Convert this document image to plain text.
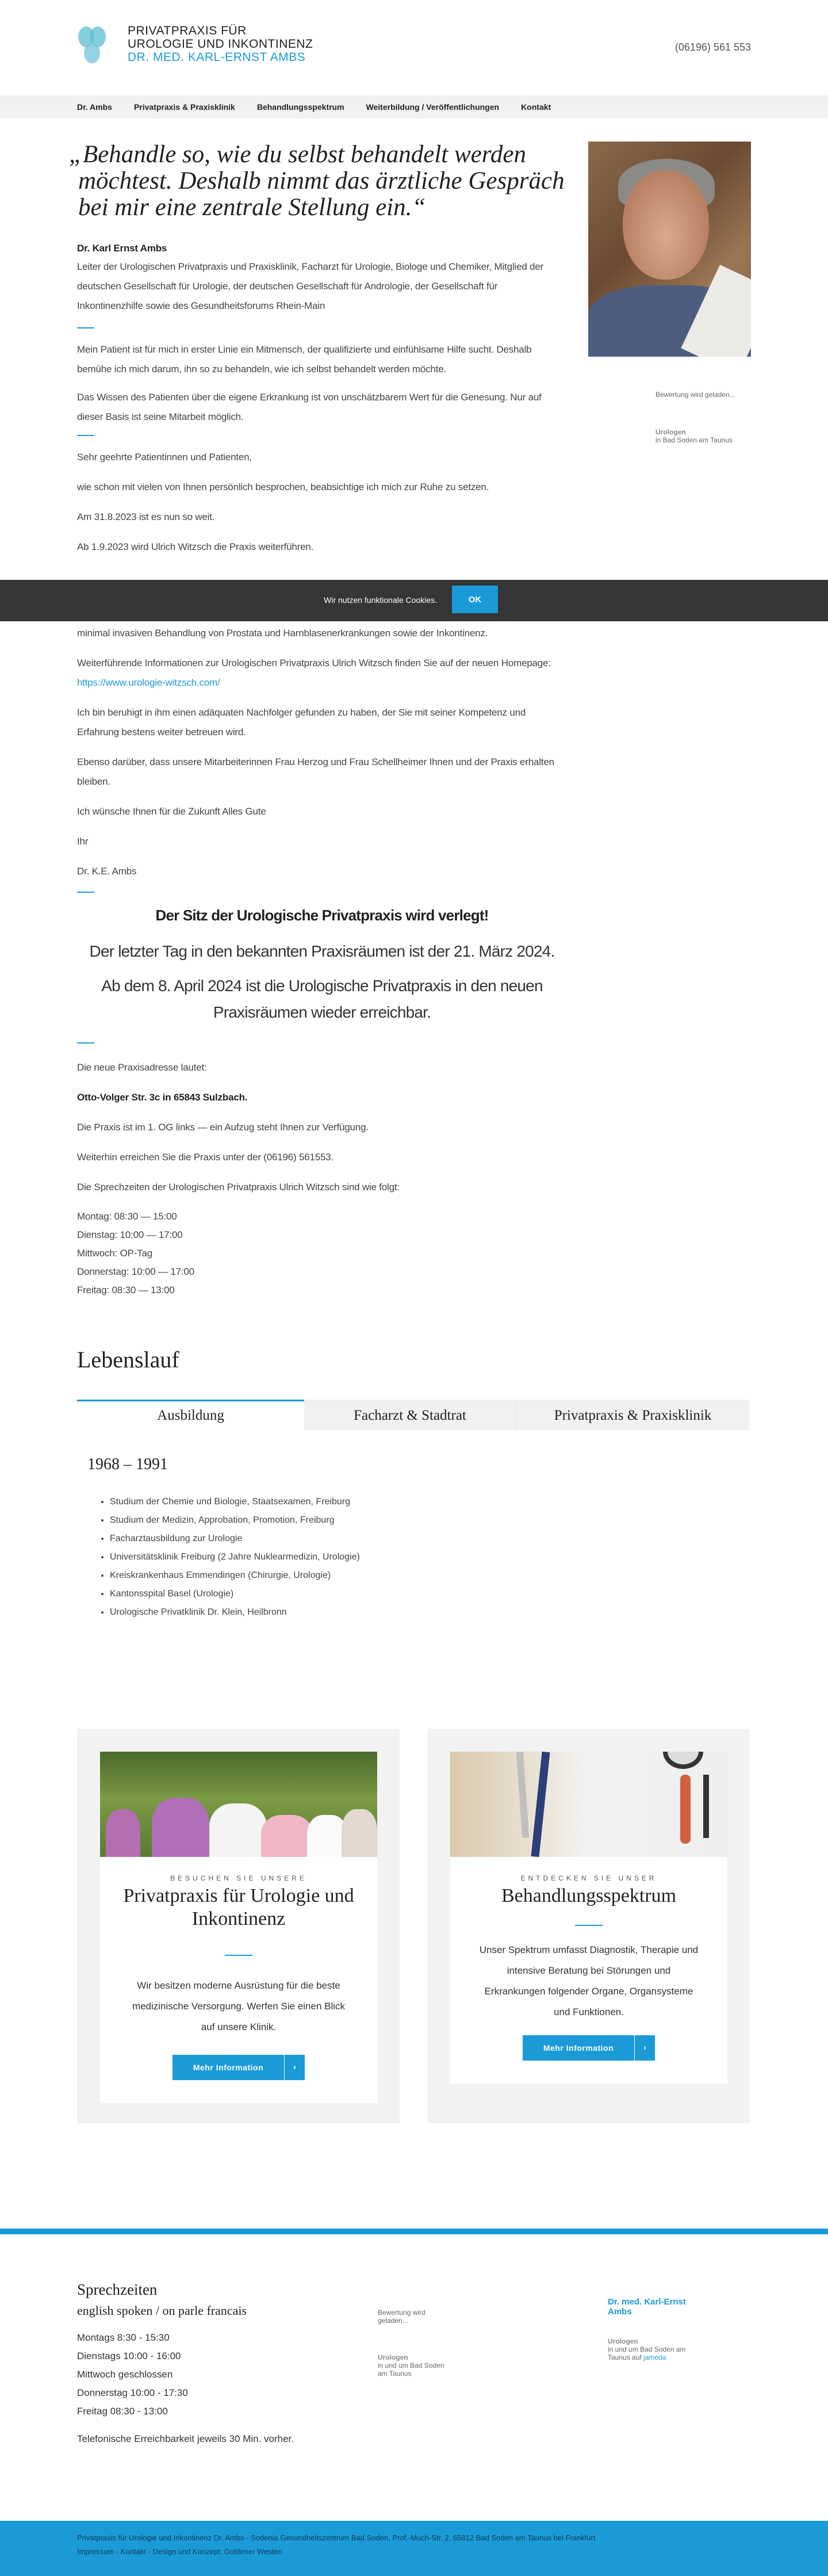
PRIVATPRAXIS FÜR
UROLOGIE UND INKONTINENZ
DR. MED. KARL-ERNST AMBS
(06196) 561 553
Dr. Ambs	Privatpraxis & Praxisklinik	Behandlungsspektrum	Weiterbildung / Veröffentlichungen	Kontakt
„Behandle so, wie du selbst behandelt werden möchtest. Deshalb nimmt das ärztliche Gespräch bei mir eine zentrale Stellung ein.“
Bewertung wird geladen...
Urologen
in Bad Soden am Taunus

Dr. Karl Ernst Ambs

Leiter der Urologischen Privatpraxis und Praxisklinik, Facharzt für Urologie, Biologe und Chemiker, Mitglied der deutschen Gesellschaft für Urologie, der deutschen Gesellschaft für Andrologie, der Gesellschaft für Inkontinenzhilfe sowie des Gesundheitsforums Rhein-Main

Mein Patient ist für mich in erster Linie ein Mitmensch, der qualifizierte und einfühlsame Hilfe sucht. Deshalb bemühe ich mich darum, ihn so zu behandeln, wie ich selbst behandelt werden möchte.

Das Wissen des Patienten über die eigene Erkrankung ist von unschätzbarem Wert für die Genesung. Nur auf dieser Basis ist seine Mitarbeit möglich.

Sehr geehrte Patientinnen und Patienten,

wie schon mit vielen von Ihnen persönlich besprochen, beabsichtige ich mich zur Ruhe zu setzen.

Am 31.8.2023 ist es nun so weit.

Ab 1.9.2023 wird Ulrich Witzsch die Praxis weiterführen.

minimal invasiven Behandlung von Prostata und Harnblasenerkrankungen sowie der Inkontinenz.

Weiterführende Informationen zur Urologischen Privatpraxis Ulrich Witzsch finden Sie auf der neuen Homepage: https://www.urologie-witzsch.com/

Ich bin beruhigt in ihm einen adäquaten Nachfolger gefunden zu haben, der Sie mit seiner Kompetenz und Erfahrung bestens weiter betreuen wird.

Ebenso darüber, dass unsere Mitarbeiterinnen Frau Herzog und Frau Schellheimer Ihnen und der Praxis erhalten bleiben.

Ich wünsche Ihnen für die Zukunft Alles Gute

Ihr

Dr. K.E. Ambs

Der Sitz der Urologische Privatpraxis wird verlegt!
Der letzter Tag in den bekannten Praxisräumen ist der 21. März 2024.
Ab dem 8. April 2024 ist die Urologische Privatpraxis in den neuen Praxisräumen wieder erreichbar.

Die neue Praxisadresse lautet:

Otto-Volger Str. 3c in 65843 Sulzbach.

Die Praxis ist im 1. OG links — ein Aufzug steht Ihnen zur Verfügung.

Weiterhin erreichen Sie die Praxis unter der (06196) 561553.

Die Sprechzeiten der Urologischen Privatpraxis Ulrich Witzsch sind wie folgt:

Montag: 08:30 — 15:00

Dienstag: 10:00 — 17:00

Mittwoch: OP-Tag

Donnerstag: 10:00 — 17:00

Freitag: 08:30 — 13:00

Wir nutzen funktionale Cookies.	OK
Lebenslauf
Ausbildung	Facharzt & Stadtrat	Privatpraxis & Praxisklinik
1968 – 1991
• Studium der Chemie und Biologie, Staatsexamen, Freiburg
• Studium der Medizin, Approbation, Promotion, Freiburg
• Facharztausbildung zur Urologie
• Universitätsklinik Freiburg (2 Jahre Nuklearmedizin, Urologie)
• Kreiskrankenhaus Emmendingen (Chirurgie, Urologie)
• Kantonsspital Basel (Urologie)
• Urologische Privatklinik Dr. Klein, Heilbronn
BESUCHEN SIE UNSERE
Privatpraxis für Urologie und Inkontinenz
Wir besitzen moderne Ausrüstung für die beste medizinische Versorgung. Werfen Sie einen Blick auf unsere Klinik.
Mehr Information	›
ENTDECKEN SIE UNSER
Behandlungsspektrum
Unser Spektrum umfasst Diagnostik, Therapie und intensive Beratung bei Störungen und Erkrankungen folgender Organe, Organsysteme und Funktionen.
Mehr Information	›
Sprechzeiten
english spoken / on parle francais

Montags 8:30 - 15:30

Dienstags 10:00 - 16:00

Mittwoch geschlossen

Donnerstag 10:00 - 17:30

Freitag 08:30 - 13:00

Telefonische Erreichbarkeit jeweils 30 Min. vorher.

Bewertung wird geladen...
Urologen
in und um Bad Soden am Taunus
Dr. med. Karl-Ernst Ambs
Urologen
in und um Bad Soden am Taunus auf jameda
Privatpraxis für Urologie und Inkontinenz Dr. Ambs - Sodenia Gesundheitszentrum Bad Soden, Prof.-Much-Str. 2, 65812 Bad Soden am Taunus bei Frankfurt
Impressum - Kontakt - Design und Konzept: Goldener Westen
